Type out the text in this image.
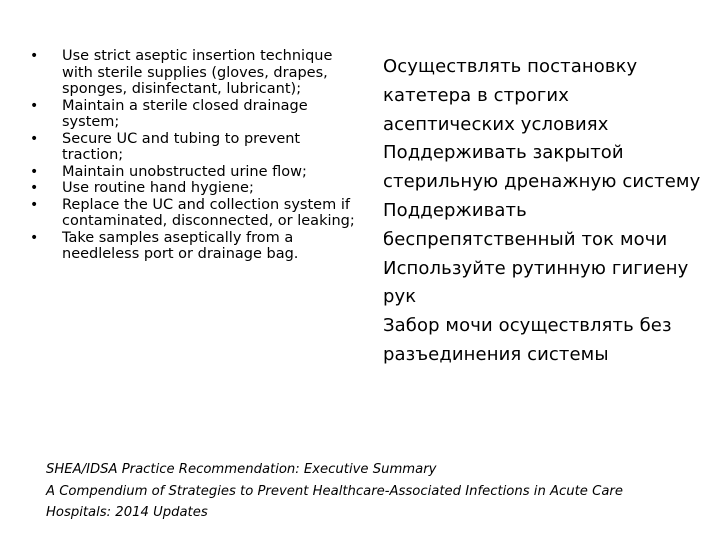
•	Use strict aseptic insertion technique with sterile supplies (gloves, drapes, sponges, disinfectant, lubricant);
•	Maintain a sterile closed drainage system;
•	Secure UC and tubing to prevent traction;
•	Maintain unobstructed urine flow;
•	Use routine hand hygiene;
•	Replace the UC and collection system if contaminated, disconnected, or leaking;
•	Take samples aseptically from a needleless port or drainage bag.

Осуществлять постановку катетера в строгих асептических условиях

Поддерживать закрытой стерильную дренажную систему

Поддерживать беспрепятственный ток мочи

Используйте рутинную гигиену рук

Забор мочи осуществлять без разъединения системы

SHEA/IDSA Practice Recommendation: Executive Summary

A Compendium of Strategies to Prevent Healthcare-Associated Infections in Acute Care Hospitals: 2014 Updates
